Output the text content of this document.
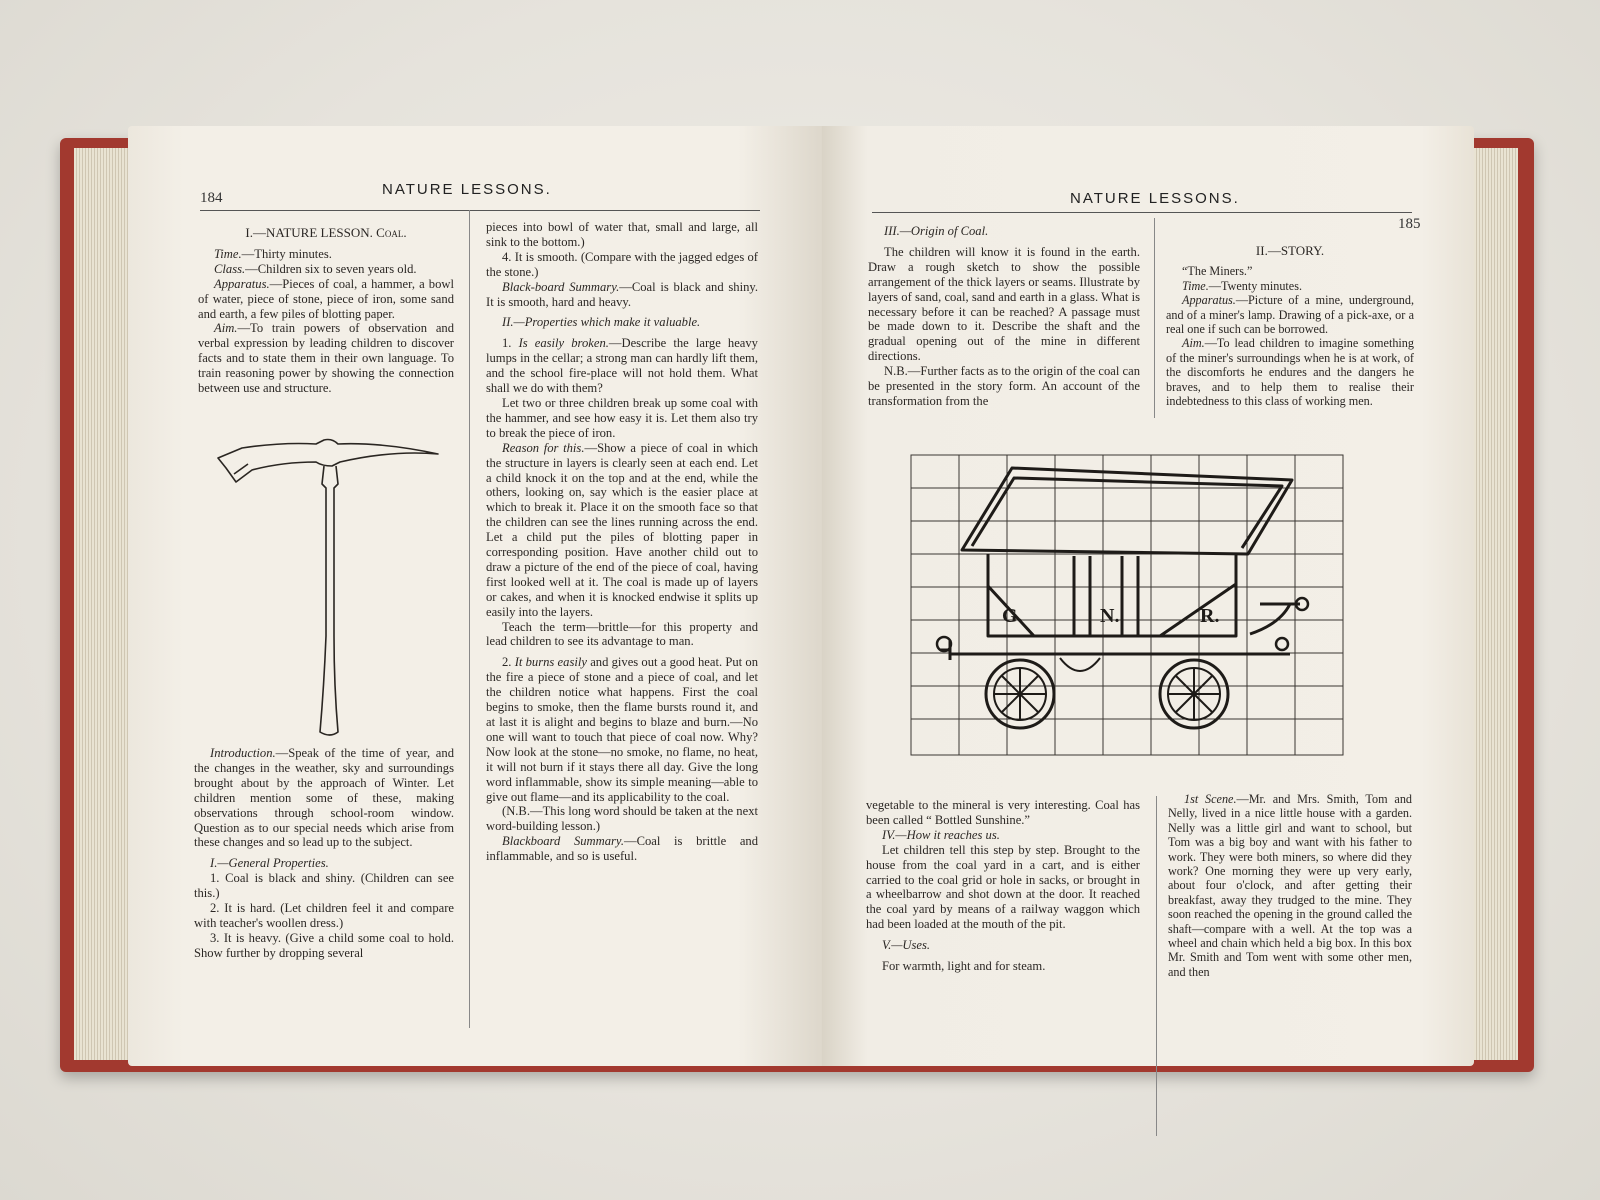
184	NATURE LESSONS.
I.—NATURE LESSON. Coal.

Time.—Thirty minutes.

Class.—Children six to seven years old.

Apparatus.—Pieces of coal, a hammer, a bowl of water, piece of stone, piece of iron, some sand and earth, a few piles of blotting paper.

Aim.—To train powers of observation and verbal expression by leading children to discover facts and to state them in their own language. To train reasoning power by showing the connection between use and structure.

Introduction.—Speak of the time of year, and the changes in the weather, sky and surroundings brought about by the approach of Winter. Let children mention some of these, making observations through school-room window. Question as to our special needs which arise from these changes and so lead up to the subject.

I.—General Properties.

1. Coal is black and shiny. (Children can see this.)

2. It is hard. (Let children feel it and compare with teacher's woollen dress.)

3. It is heavy. (Give a child some coal to hold. Show further by dropping several

pieces into bowl of water that, small and large, all sink to the bottom.)

4. It is smooth. (Compare with the jagged edges of the stone.)

Black-board Summary.—Coal is black and shiny. It is smooth, hard and heavy.

II.—Properties which make it valuable.

1. Is easily broken.—Describe the large heavy lumps in the cellar; a strong man can hardly lift them, and the school fire-place will not hold them. What shall we do with them?

Let two or three children break up some coal with the hammer, and see how easy it is. Let them also try to break the piece of iron.

Reason for this.—Show a piece of coal in which the structure in layers is clearly seen at each end. Let a child knock it on the top and at the end, while the others, looking on, say which is the easier place at which to break it. Place it on the smooth face so that the children can see the lines running across the end. Let a child put the piles of blotting paper in corresponding position. Have another child out to draw a picture of the end of the piece of coal, having first looked well at it. The coal is made up of layers or cakes, and when it is knocked endwise it splits up easily into the layers.

Teach the term—brittle—for this property and lead children to see its advantage to man.

2. It burns easily and gives out a good heat. Put on the fire a piece of stone and a piece of coal, and let the children notice what happens. First the coal begins to smoke, then the flame bursts round it, and at last it is alight and begins to blaze and burn.—No one will want to touch that piece of coal now. Why? Now look at the stone—no smoke, no flame, no heat, it will not burn if it stays there all day. Give the long word inflammable, show its simple meaning—able to give out flame—and its applicability to the coal.

(N.B.—This long word should be taken at the next word-building lesson.)

Blackboard Summary.—Coal is brittle and inflammable, and so is useful.

NATURE LESSONS.
185

III.—Origin of Coal.

The children will know it is found in the earth. Draw a rough sketch to show the possible arrangement of the thick layers or seams. Illustrate by layers of sand, coal, sand and earth in a glass. What is necessary before it can be reached? A passage must be made down to it. Describe the shaft and the gradual opening out of the mine in different directions.

N.B.—Further facts as to the origin of the coal can be presented in the story form. An account of the transformation from the

II.—STORY.

“The Miners.”

Time.—Twenty minutes.

Apparatus.—Picture of a mine, underground, and of a miner's lamp. Drawing of a pick-axe, or a real one if such can be borrowed.

Aim.—To lead children to imagine something of the miner's surroundings when he is at work, of the discomforts he endures and the dangers he braves, and to help them to realise their indebtedness to this class of working men.

G.	N.	R.

vegetable to the mineral is very interesting. Coal has been called “ Bottled Sunshine.”

IV.—How it reaches us.

Let children tell this step by step. Brought to the house from the coal yard in a cart, and is either carried to the coal grid or hole in sacks, or brought in a wheelbarrow and shot down at the door. It reached the coal yard by means of a railway waggon which had been loaded at the mouth of the pit.

V.—Uses.

For warmth, light and for steam.

1st Scene.—Mr. and Mrs. Smith, Tom and Nelly, lived in a nice little house with a garden. Nelly was a little girl and want to school, but Tom was a big boy and want with his father to work. They were both miners, so where did they work? One morning they were up very early, about four o'clock, and after getting their breakfast, away they trudged to the mine. They soon reached the opening in the ground called the shaft—compare with a well. At the top was a wheel and chain which held a big box. In this box Mr. Smith and Tom went with some other men, and then
